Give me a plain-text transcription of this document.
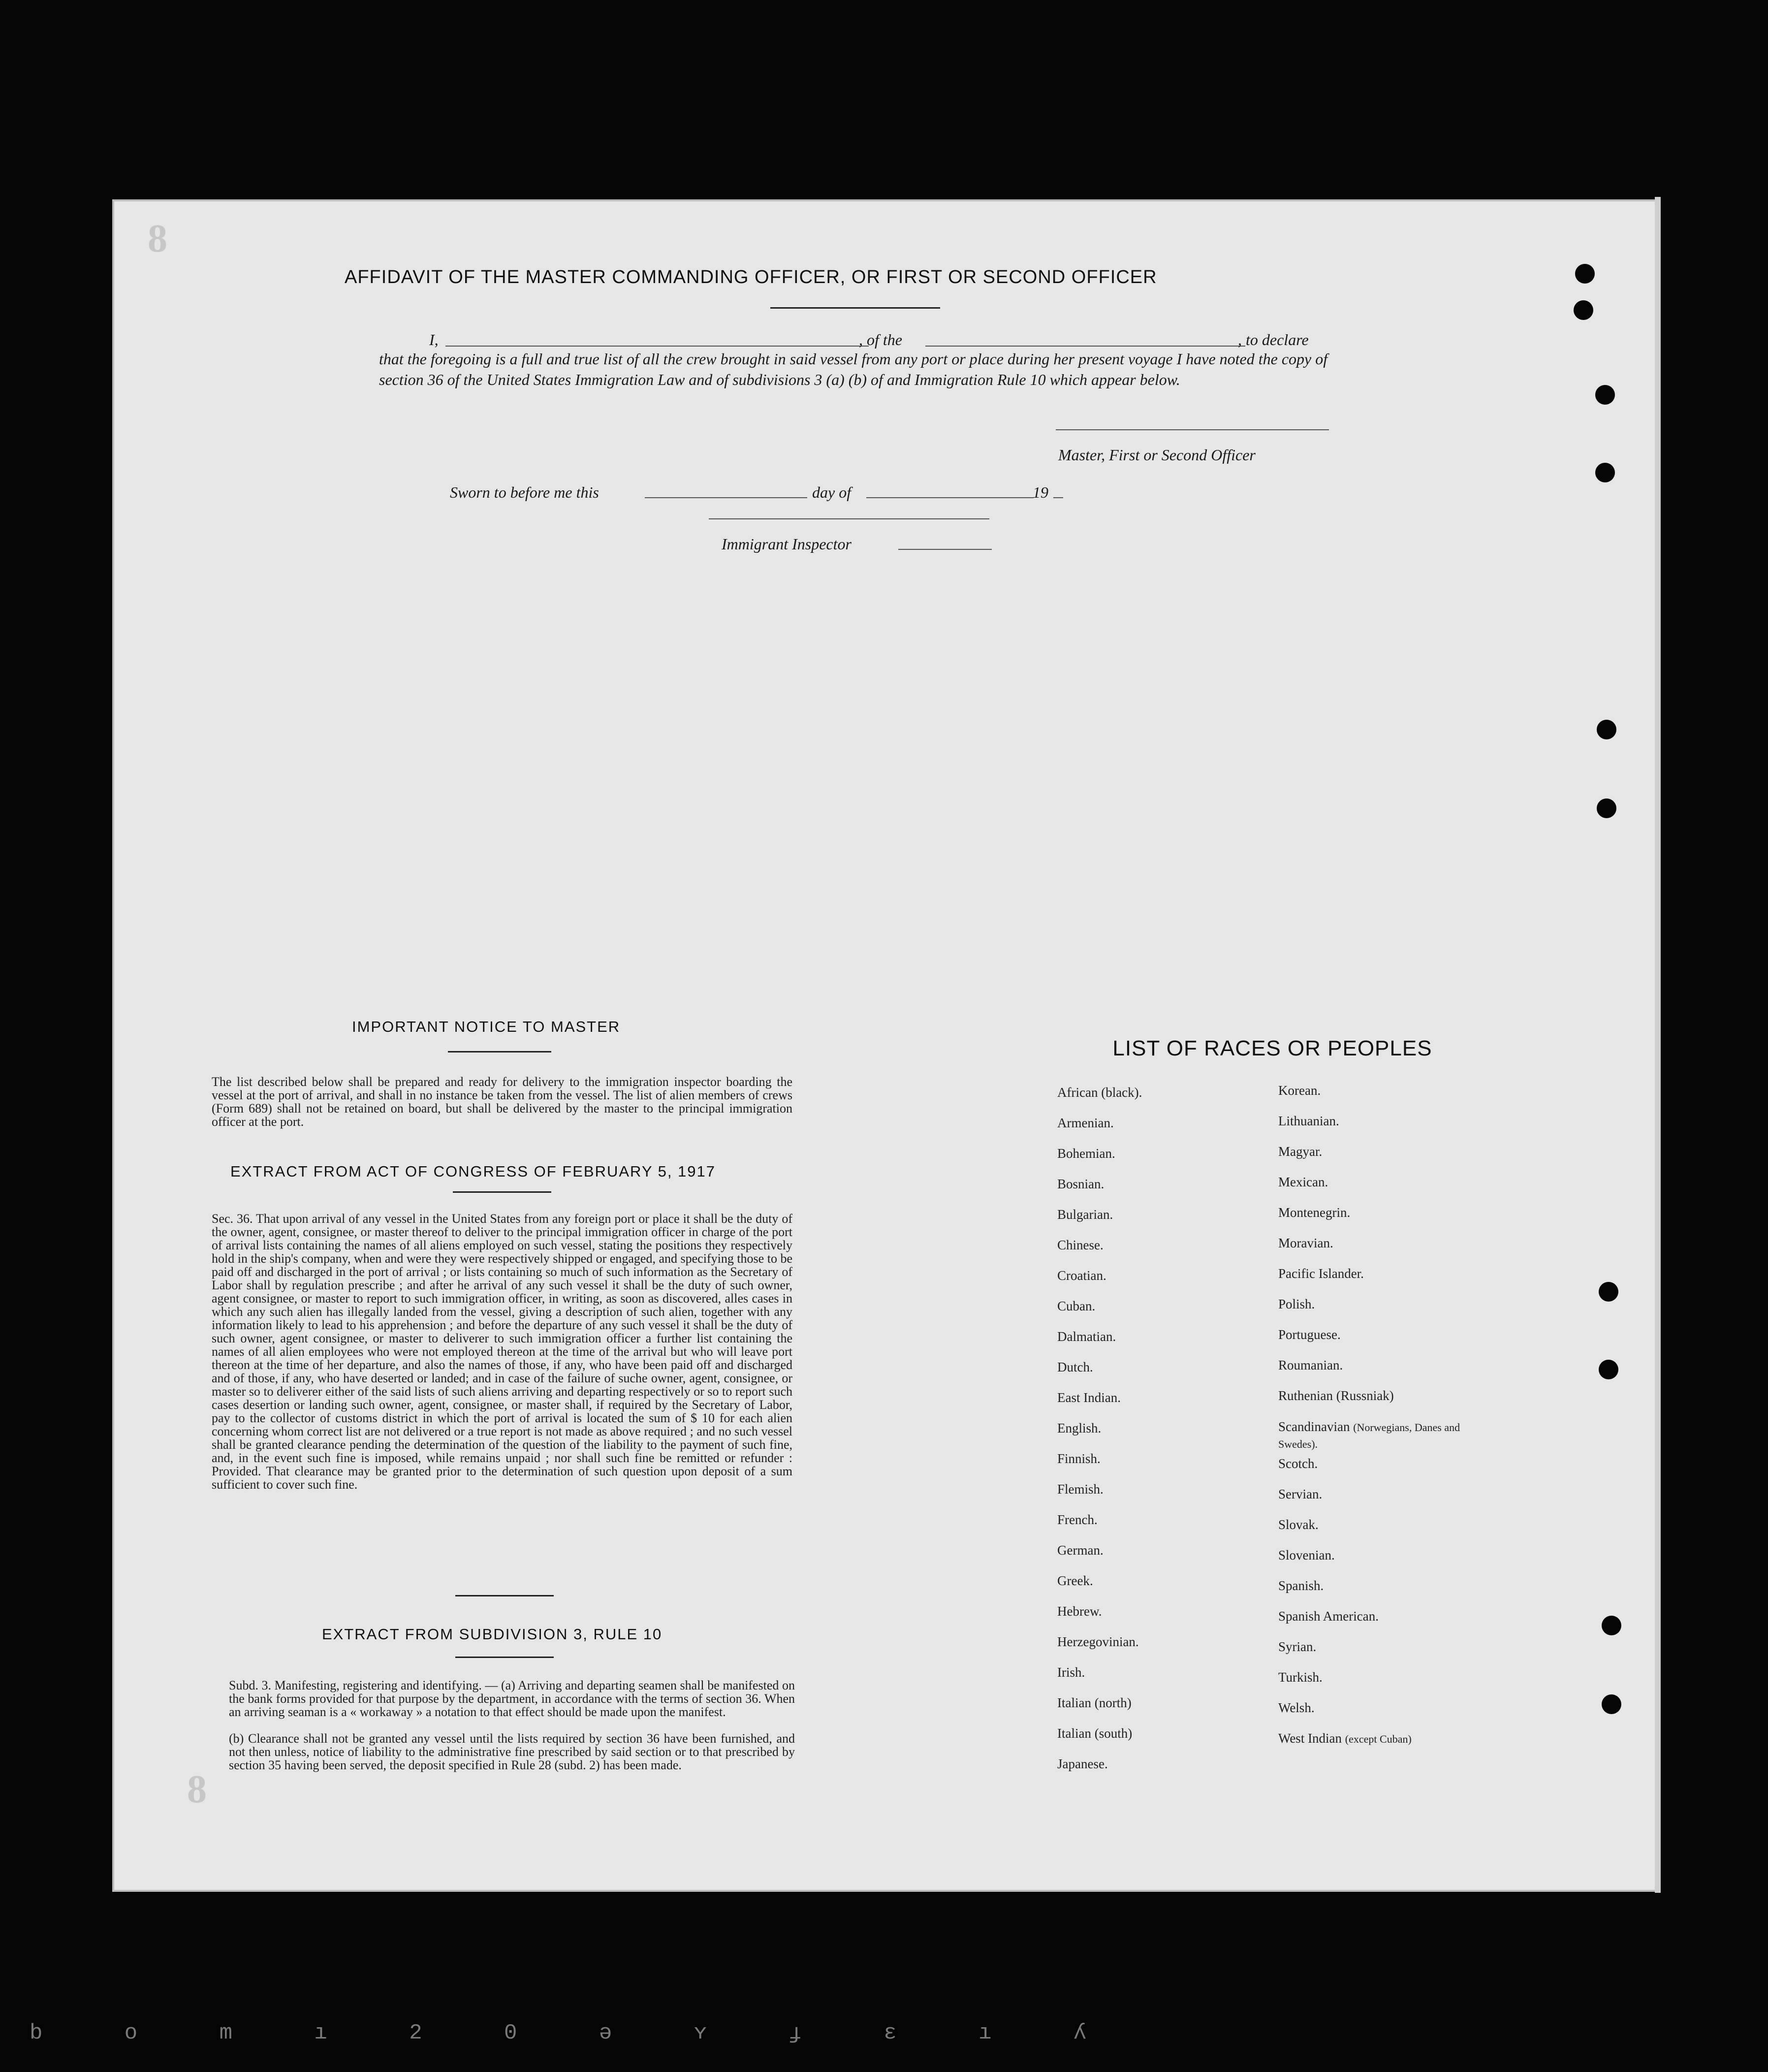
8
8
AFFIDAVIT OF THE MASTER COMMANDING OFFICER, OR FIRST OR SECOND OFFICER
I,	, of the	, to declare
that the foregoing is a full and true list of all the crew brought in said vessel from any port or place during her present voyage I have noted the copy of section 36 of the United States Immigration Law and of subdivisions 3 (a) (b) of and Immigration Rule 10 which appear below.
Master, First or Second Officer
Sworn to before me this	day of	19
Immigrant Inspector
IMPORTANT NOTICE TO MASTER
The list described below shall be prepared and ready for delivery to the immigration inspector boarding the vessel at the port of arrival, and shall in no instance be taken from the vessel. The list of alien members of crews (Form 689) shall not be retained on board, but shall be delivered by the master to the principal immigration officer at the port.
EXTRACT FROM ACT OF CONGRESS OF FEBRUARY 5, 1917
Sec. 36. That upon arrival of any vessel in the United States from any foreign port or place it shall be the duty of the owner, agent, consignee, or master thereof to deliver to the principal immigration officer in charge of the port of arrival lists containing the names of all aliens employed on such vessel, stating the positions they respectively hold in the ship's company, when and were they were respectively shipped or engaged, and specifying those to be paid off and discharged in the port of arrival ; or lists containing so much of such information as the Secretary of Labor shall by regulation prescribe ; and after he arrival of any such vessel it shall be the duty of such owner, agent consignee, or master to report to such immigration officer, in writing, as soon as discovered, alles cases in which any such alien has illegally landed from the vessel, giving a description of such alien, together with any information likely to lead to his apprehension ; and before the departure of any such vessel it shall be the duty of such owner, agent consignee, or master to deliverer to such immigration officer a further list containing the names of all alien employees who were not employed thereon at the time of the arrival but who will leave port thereon at the time of her departure, and also the names of those, if any, who have been paid off and discharged and of those, if any, who have deserted or landed; and in case of the failure of suche owner, agent, consignee, or master so to deliverer either of the said lists of such aliens arriving and departing respectively or so to report such cases desertion or landing such owner, agent, consignee, or master shall, if required by the Secretary of Labor, pay to the collector of customs district in which the port of arrival is located the sum of $ 10 for each alien concerning whom correct list are not delivered or a true report is not made as above required ; and no such vessel shall be granted clearance pending the determination of the question of the liability to the payment of such fine, and, in the event such fine is imposed, while remains unpaid ; nor shall such fine be remitted or refunder : Provided. That clearance may be granted prior to the determination of such question upon deposit of a sum sufficient to cover such fine.
EXTRACT FROM SUBDIVISION 3, RULE 10
Subd. 3. Manifesting, registering and identifying. — (a) Arriving and departing seamen shall be manifested on the bank forms provided for that purpose by the department, in accordance with the terms of section 36. When an arriving seaman is a « workaway » a notation to that effect should be made upon the manifest.
(b) Clearance shall not be granted any vessel until the lists required by section 36 have been furnished, and not then unless, notice of liability to the administrative fine prescribed by said section or to that prescribed by section 35 having been served, the deposit specified in Rule 28 (subd. 2) has been made.
LIST OF RACES OR PEOPLES
African (black).
Armenian.
Bohemian.
Bosnian.
Bulgarian.
Chinese.
Croatian.
Cuban.
Dalmatian.
Dutch.
East Indian.
English.
Finnish.
Flemish.
French.
German.
Greek.
Hebrew.
Herzegovinian.
Irish.
Italian (north)
Italian (south)
Japanese.
Korean.
Lithuanian.
Magyar.
Mexican.
Montenegrin.
Moravian.
Pacific Islander.
Polish.
Portuguese.
Roumanian.
Ruthenian (Russniak)
Scandinavian (Norwegians, Danes and Swedes).
Scotch.
Servian.
Slovak.
Slovenian.
Spanish.
Spanish American.
Syrian.
Turkish.
Welsh.
West Indian (except Cuban)
b o m ı 2 0 ə ʏ ɟ ɛ ı ʎ
